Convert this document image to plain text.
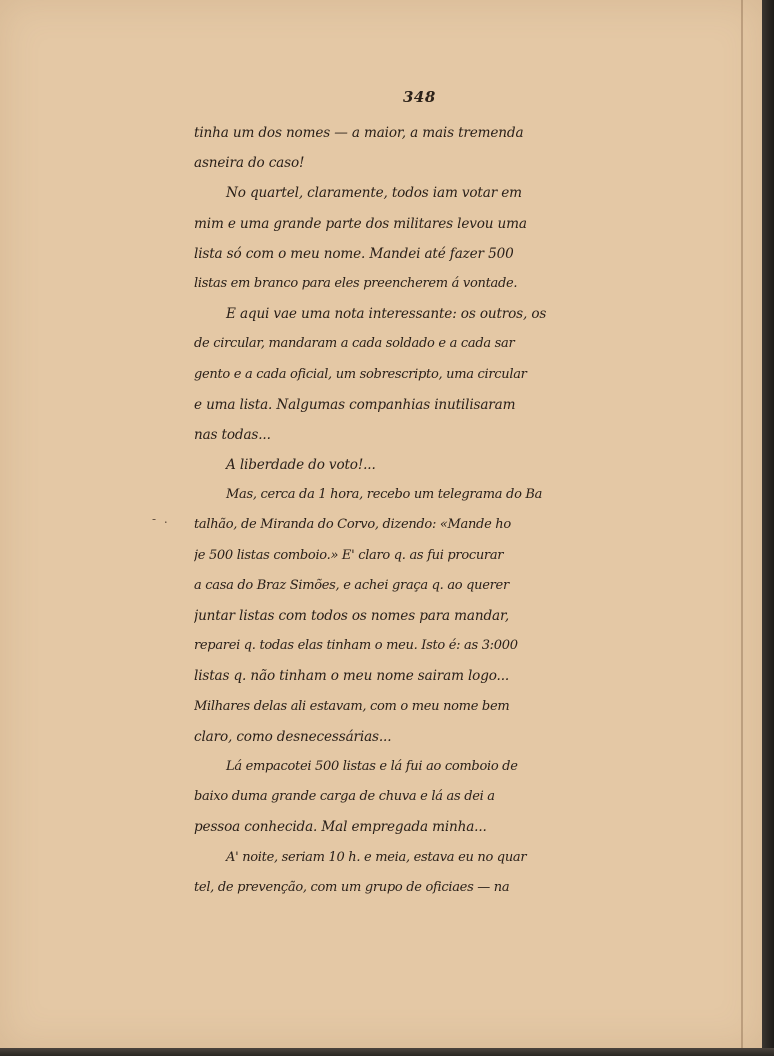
348
- .
tinha um dos nomes — a maior, a mais tremenda
asneira do caso!
No quartel, claramente, todos iam votar em
mim e uma grande parte dos militares levou uma
lista só com o meu nome. Mandei até fazer 500
listas em branco para eles preencherem á vontade.
E aqui vae uma nota interessante: os outros, os
de circular, mandaram a cada soldado e a cada sar
gento e a cada oficial, um sobrescripto, uma circular
e uma lista. Nalgumas companhias inutilisaram
nas todas...
A liberdade do voto!...
Mas, cerca da 1 hora, recebo um telegrama do Ba
talhão, de Miranda do Corvo, dizendo: «Mande ho
je 500 listas comboio.» E' claro q. as fui procurar
a casa do Braz Simões, e achei graça q. ao querer
juntar listas com todos os nomes para mandar,
reparei q. todas elas tinham o meu. Isto é: as 3:000
listas q. não tinham o meu nome sairam logo...
Milhares delas ali estavam, com o meu nome bem
claro, como desnecessárias...
Lá empacotei 500 listas e lá fui ao comboio de
baixo duma grande carga de chuva e lá as dei a
pessoa conhecida. Mal empregada minha...
A' noite, seriam 10 h. e meia, estava eu no quar
tel, de prevenção, com um grupo de oficiaes — na
